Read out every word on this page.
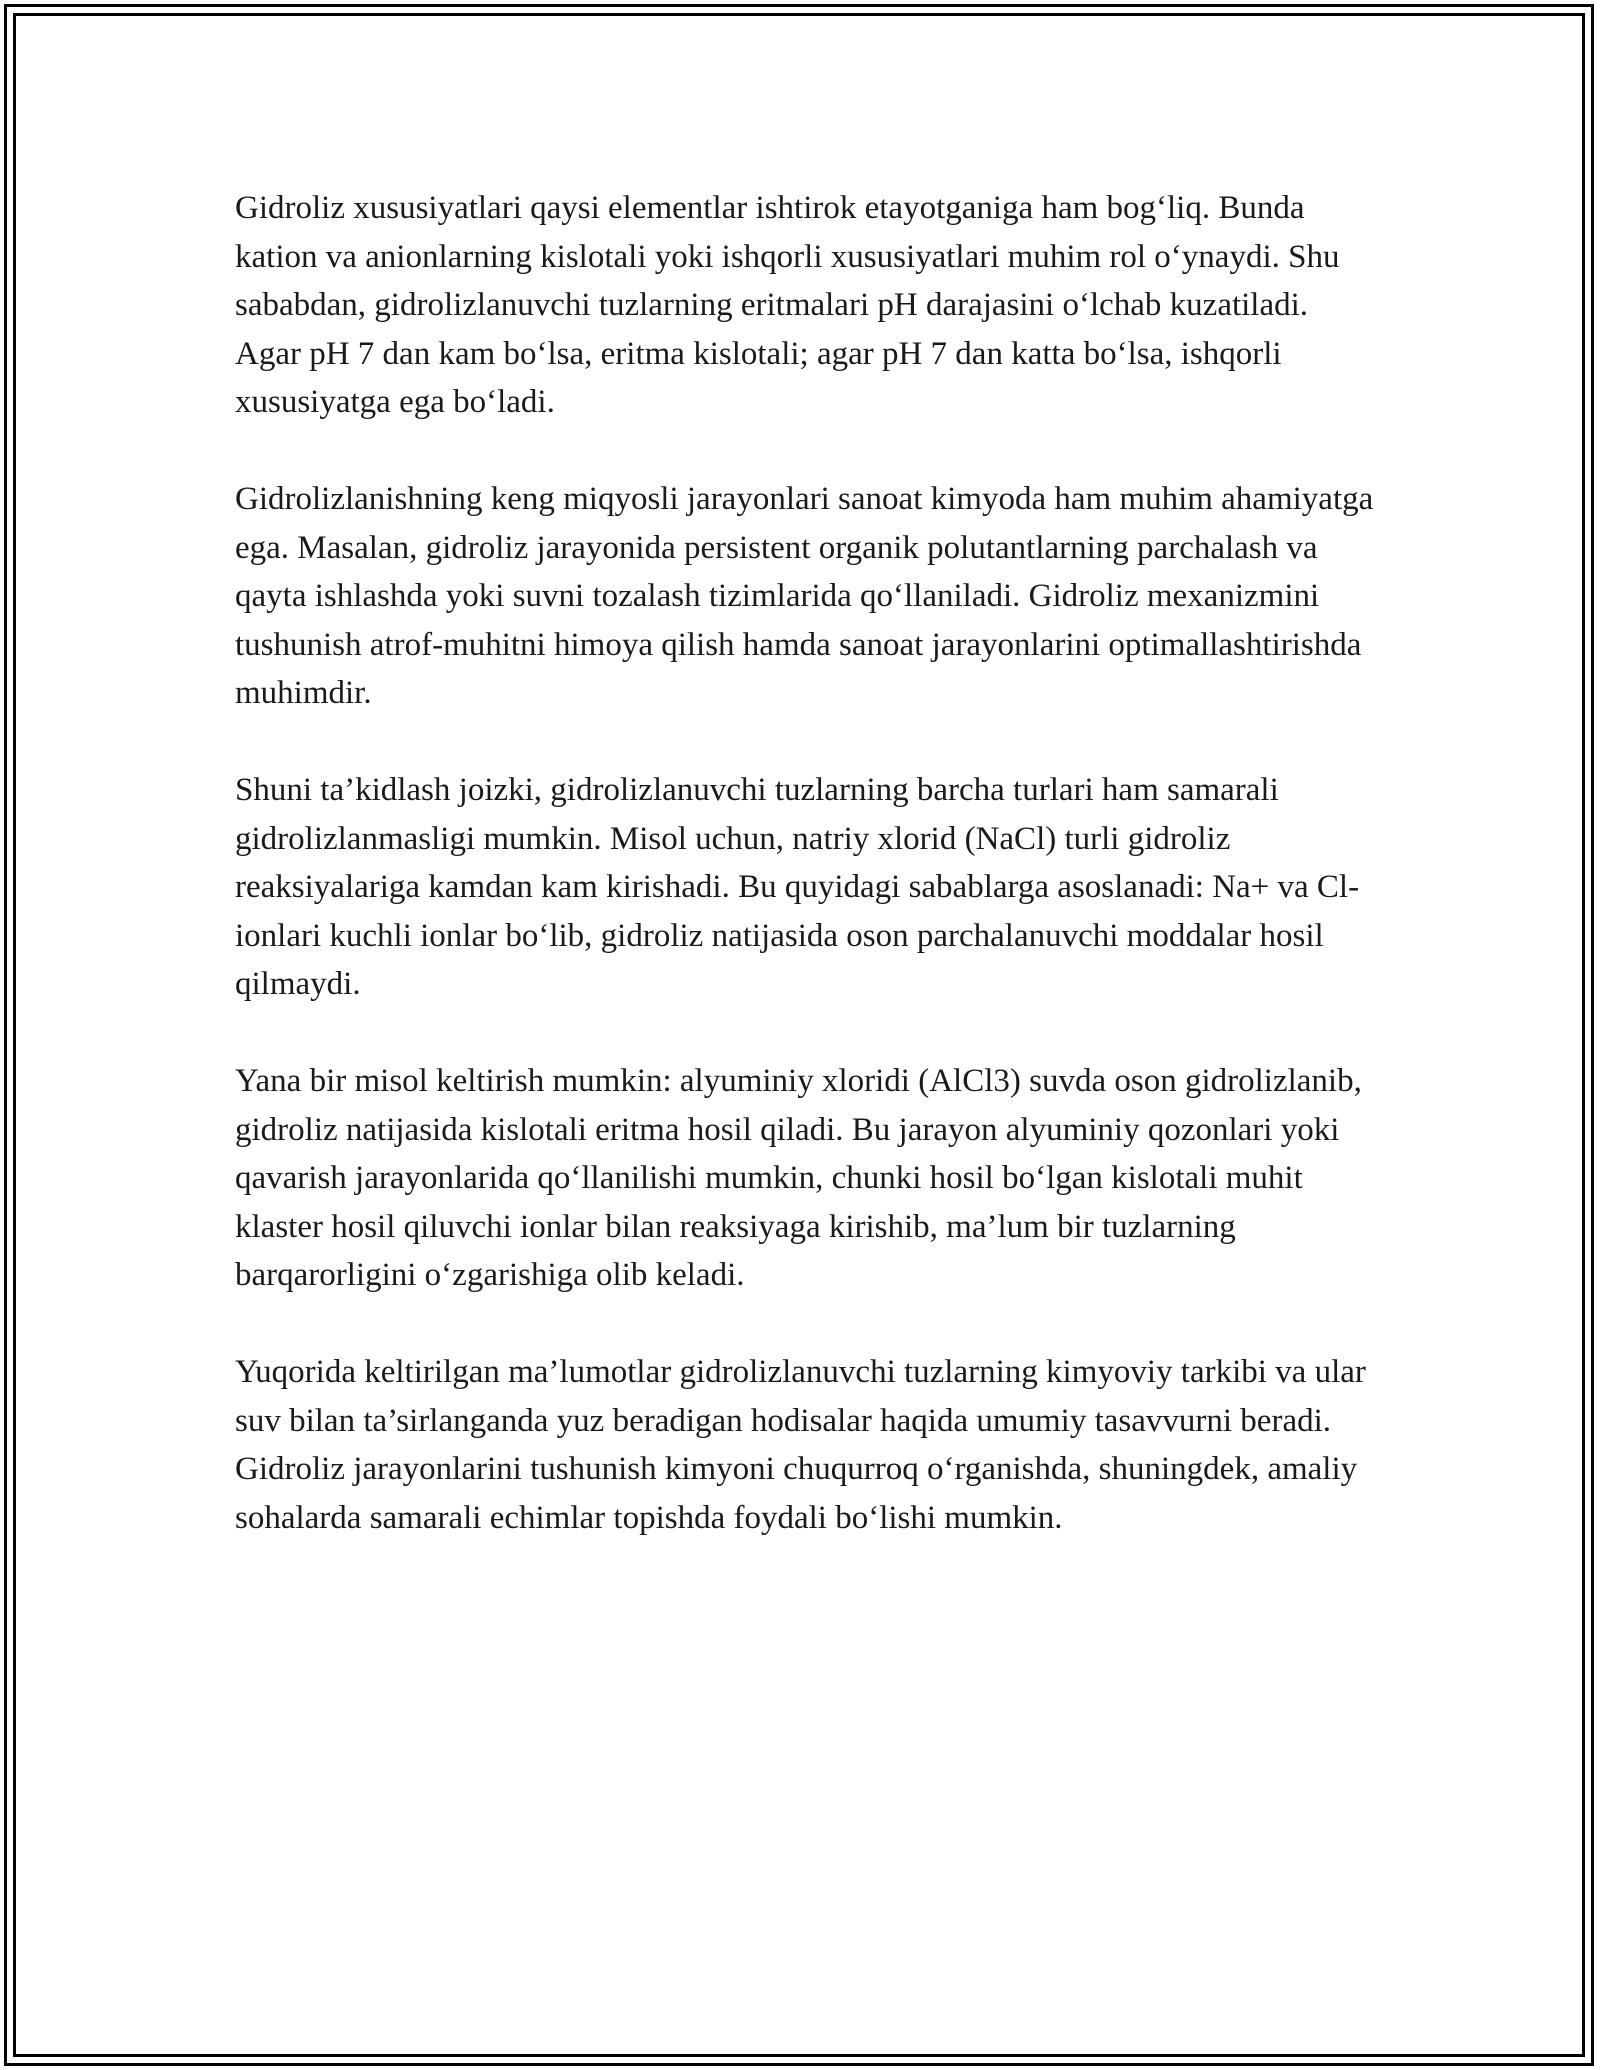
Gidroliz xususiyatlari qaysi elementlar ishtirok etayotganiga ham bog‘liq. Bunda kation va anionlarning kislotali yoki ishqorli xususiyatlari muhim rol o‘ynaydi. Shu sababdan, gidrolizlanuvchi tuzlarning eritmalari pH darajasini o‘lchab kuzatiladi. Agar pH 7 dan kam bo‘lsa, eritma kislotali; agar pH 7 dan katta bo‘lsa, ishqorli xususiyatga ega bo‘ladi.

Gidrolizlanishning keng miqyosli jarayonlari sanoat kimyoda ham muhim ahamiyatga ega. Masalan, gidroliz jarayonida persistent organik polutantlarning parchalash va qayta ishlashda yoki suvni tozalash tizimlarida qo‘llaniladi. Gidroliz mexanizmini tushunish atrof-muhitni himoya qilish hamda sanoat jarayonlarini optimallashtirishda muhimdir.

Shuni ta’kidlash joizki, gidrolizlanuvchi tuzlarning barcha turlari ham samarali gidrolizlanmasligi mumkin. Misol uchun, natriy xlorid (NaCl) turli gidroliz reaksiyalariga kamdan kam kirishadi. Bu quyidagi sabablarga asoslanadi: Na+ va Cl- ionlari kuchli ionlar bo‘lib, gidroliz natijasida oson parchalanuvchi moddalar hosil qilmaydi.

Yana bir misol keltirish mumkin: alyuminiy xloridi (AlCl3) suvda oson gidrolizlanib, gidroliz natijasida kislotali eritma hosil qiladi. Bu jarayon alyuminiy qozonlari yoki qavarish jarayonlarida qo‘llanilishi mumkin, chunki hosil bo‘lgan kislotali muhit klaster hosil qiluvchi ionlar bilan reaksiyaga kirishib, ma’lum bir tuzlarning barqarorligini o‘zgarishiga olib keladi.

Yuqorida keltirilgan ma’lumotlar gidrolizlanuvchi tuzlarning kimyoviy tarkibi va ular suv bilan ta’sirlanganda yuz beradigan hodisalar haqida umumiy tasavvurni beradi. Gidroliz jarayonlarini tushunish kimyoni chuqurroq o‘rganishda, shuningdek, amaliy sohalarda samarali echimlar topishda foydali bo‘lishi mumkin.
